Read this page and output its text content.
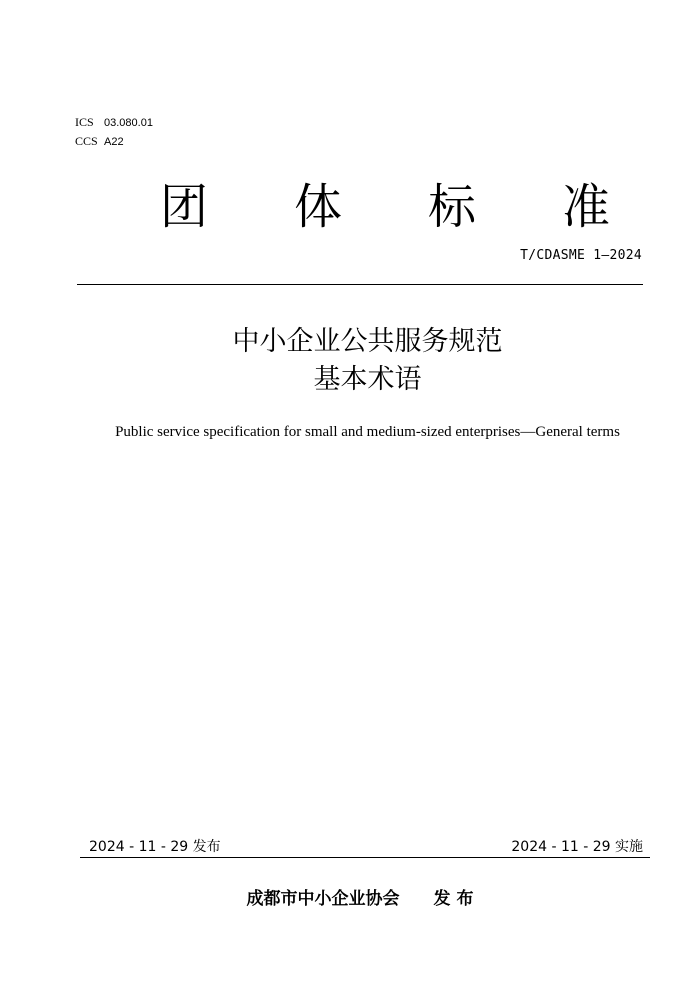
ICS 03.080.01
CCS A22
团 体 标 准
T/CDASME 1—2024
中小企业公共服务规范
基本术语
Public service specification for small and medium-sized enterprises—General terms
2024 - 11 - 29 发布	2024 - 11 - 29 实施
成都市中小企业协会 发 布
